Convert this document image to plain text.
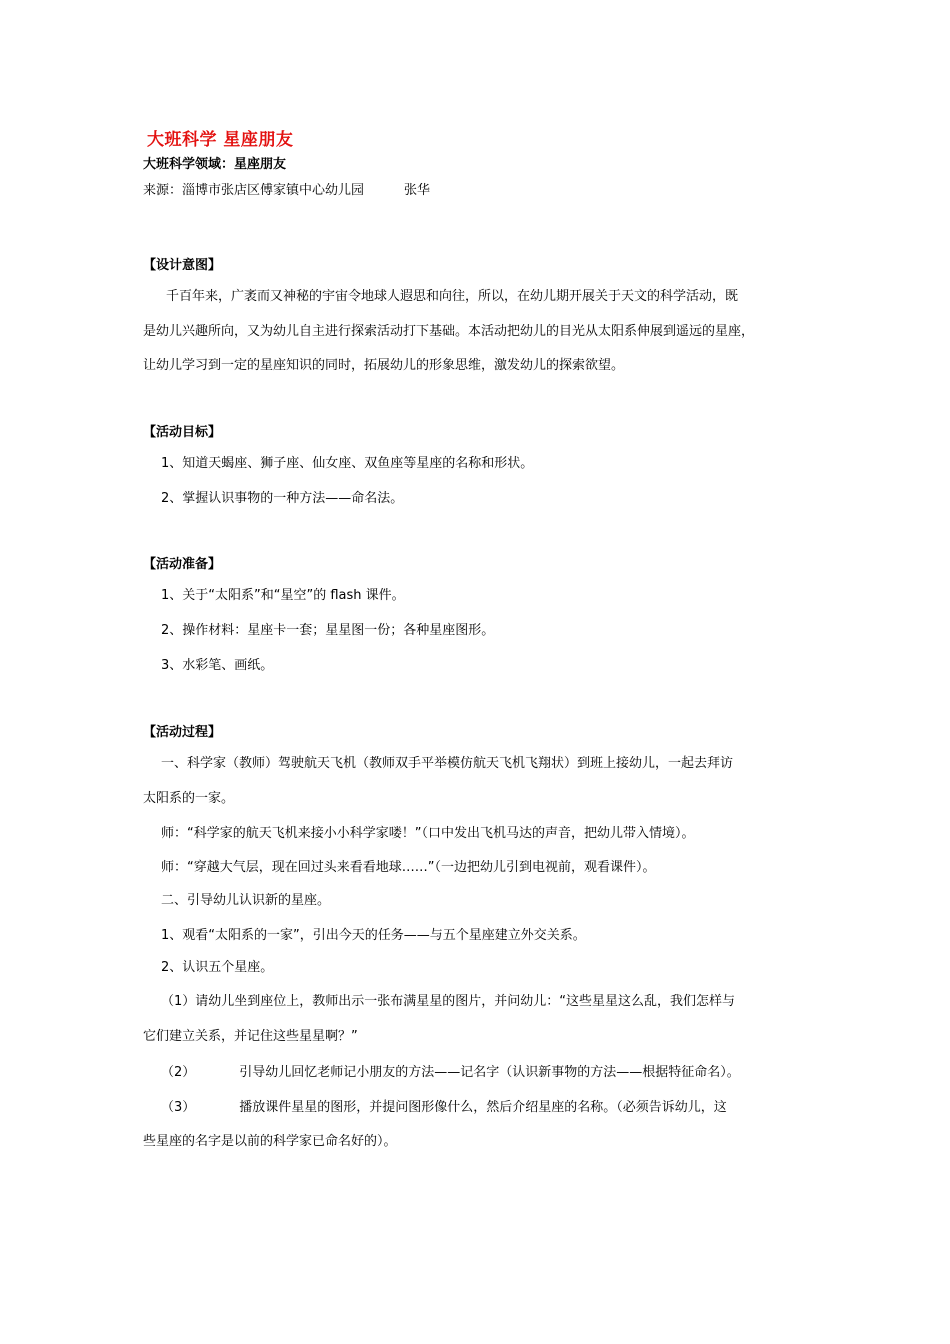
大班科学 星座朋友
大班科学领域：星座朋友
来源：淄博市张店区傅家镇中心幼儿园	张华
【设计意图】
千百年来，广袤而又神秘的宇宙令地球人遐思和向往，所以，在幼儿期开展关于天文的科学活动，既
是幼儿兴趣所向，又为幼儿自主进行探索活动打下基础。本活动把幼儿的目光从太阳系伸展到遥远的星座，
让幼儿学习到一定的星座知识的同时，拓展幼儿的形象思维，激发幼儿的探索欲望。
【活动目标】
1、知道天蝎座、狮子座、仙女座、双鱼座等星座的名称和形状。
2、掌握认识事物的一种方法——命名法。
【活动准备】
1、关于“太阳系”和“星空”的 flash 课件。
2、操作材料：星座卡一套；星星图一份；各种星座图形。
3、水彩笔、画纸。
【活动过程】
一、科学家（教师）驾驶航天飞机（教师双手平举模仿航天飞机飞翔状）到班上接幼儿，一起去拜访
太阳系的一家。
师：“科学家的航天飞机来接小小科学家喽！”（口中发出飞机马达的声音，把幼儿带入情境）。
师：“穿越大气层，现在回过头来看看地球……”（一边把幼儿引到电视前，观看课件）。
二、引导幼儿认识新的星座。
1、观看“太阳系的一家”，引出今天的任务——与五个星座建立外交关系。
2、认识五个星座。
（1）请幼儿坐到座位上，教师出示一张布满星星的图片，并问幼儿：“这些星星这么乱，我们怎样与
它们建立关系，并记住这些星星啊？”
（2）	引导幼儿回忆老师记小朋友的方法——记名字（认识新事物的方法——根据特征命名）。
（3）	播放课件星星的图形，并提问图形像什么，然后介绍星座的名称。（必须告诉幼儿，这
些星座的名字是以前的科学家已命名好的）。
